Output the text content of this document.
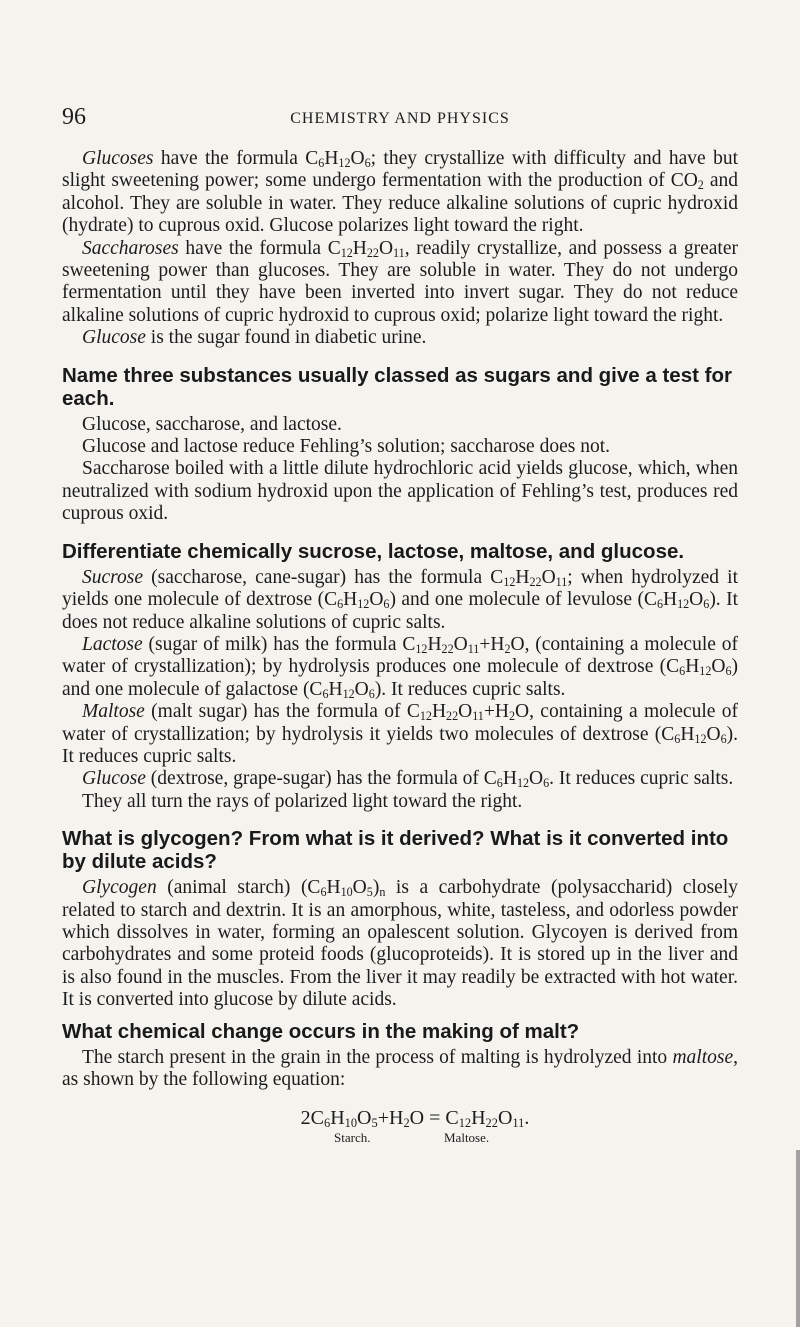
96	CHEMISTRY AND PHYSICS

Glucoses have the formula $C_6H_{12}O_6$; they crystallize with difficulty and have but slight sweetening power; some undergo fermentation with the production of $CO_2$ and alcohol. They are soluble in water. They reduce alkaline solutions of cupric hydroxid (hydrate) to cuprous oxid. Glucose polarizes light toward the right.

Saccharoses have the formula $C_{12}H_{22}O_{11}$, readily crystallize, and possess a greater sweetening power than glucoses. They are soluble in water. They do not undergo fermentation until they have been inverted into invert sugar. They do not reduce alkaline solutions of cupric hydroxid to cuprous oxid; polarize light toward the right.

Glucose is the sugar found in diabetic urine.

Name three substances usually classed as sugars and give a test for each.

Glucose, saccharose, and lactose.

Glucose and lactose reduce Fehling’s solution; saccharose does not.

Saccharose boiled with a little dilute hydrochloric acid yields glucose, which, when neutralized with sodium hydroxid upon the application of Fehling’s test, produces red cuprous oxid.

Differentiate chemically sucrose, lactose, maltose, and glucose.

Sucrose (saccharose, cane-sugar) has the formula $C_{12}H_{22}O_{11}$; when hydrolyzed it yields one molecule of dextrose $(C_6H_{12}O_6)$ and one molecule of levulose $(C_6H_{12}O_6)$. It does not reduce alkaline solutions of cupric salts.

Lactose (sugar of milk) has the formula $C_{12}H_{22}O_{11}+H_2O$, (containing a molecule of water of crystallization); by hydrolysis produces one molecule of dextrose $(C_6H_{12}O_6)$ and one molecule of galactose $(C_6H_{12}O_6)$. It reduces cupric salts.

Maltose (malt sugar) has the formula of $C_{12}H_{22}O_{11}+H_2O$, containing a molecule of water of crystallization; by hydrolysis it yields two molecules of dextrose $(C_6H_{12}O_6)$. It reduces cupric salts.

Glucose (dextrose, grape-sugar) has the formula of $C_6H_{12}O_6$. It reduces cupric salts.

They all turn the rays of polarized light toward the right.

What is glycogen? From what is it derived? What is it converted into by dilute acids?

Glycogen (animal starch) $(C_6H_{10}O_5)_n$ is a carbohydrate (polysaccharid) closely related to starch and dextrin. It is an amorphous, white, tasteless, and odorless powder which dissolves in water, forming an opalescent solution. Glycoyen is derived from carbohydrates and some proteid foods (glucoproteids). It is stored up in the liver and is also found in the muscles. From the liver it may readily be extracted with hot water. It is converted into glucose by dilute acids.

What chemical change occurs in the making of malt?

The starch present in the grain in the process of malting is hydrolyzed into maltose, as shown by the following equation:

$2C_6H_{10}O_5+H_2O = C_{12}H_{22}O_{11}$.
Starch.	Maltose.
